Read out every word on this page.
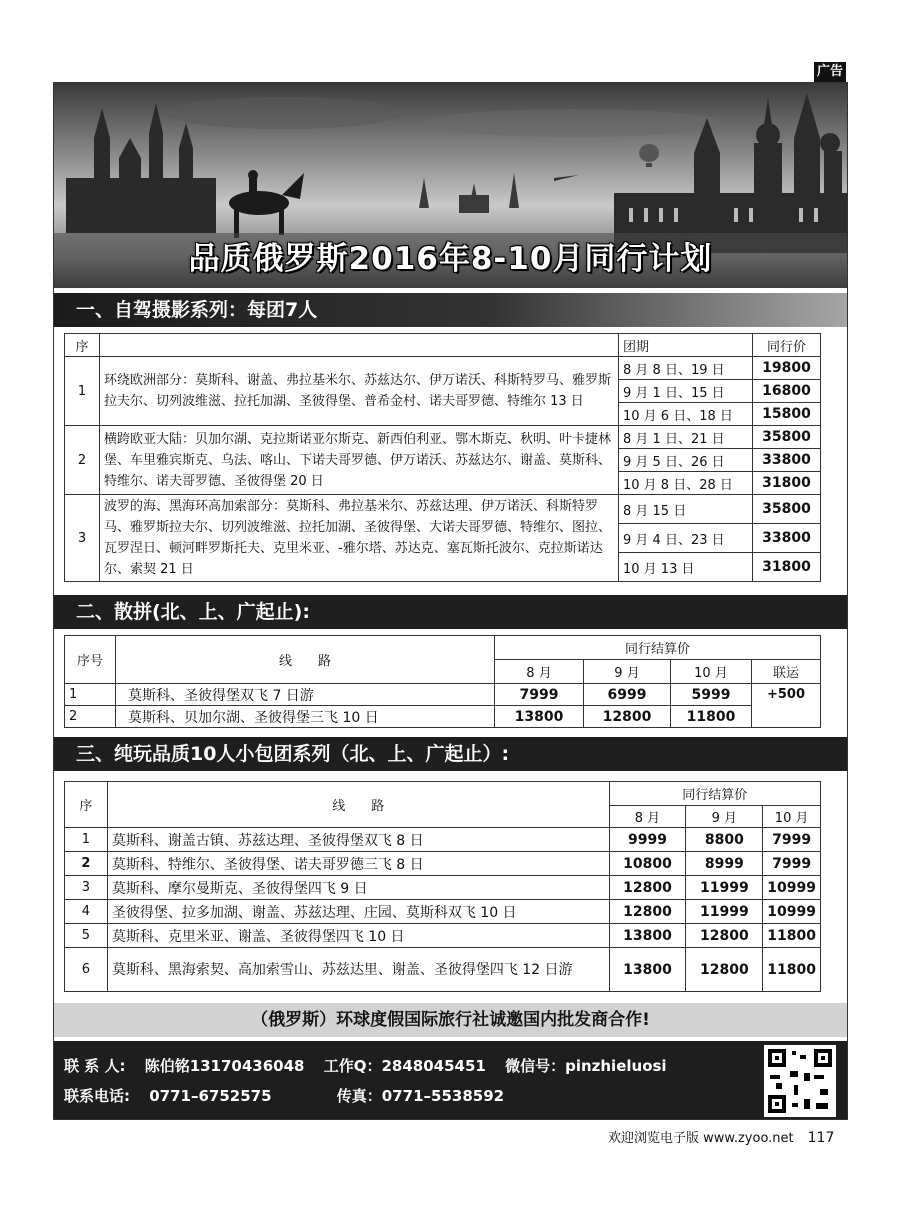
广告
品质俄罗斯2016年8-10月同行计划
一、自驾摄影系列：每团7人
序		团期	同行价
1	环绕欧洲部分：莫斯科、谢盖、弗拉基米尔、苏兹达尔、伊万诺沃、科斯特罗马、雅罗斯拉夫尔、切列波维滋、拉托加湖、圣彼得堡、普希金村、诺夫哥罗德、特维尔 13 日	8 月 8 日、19 日	19800
		9 月 1 日、15 日	16800
		10 月 6 日、18 日	15800
2	横跨欧亚大陆：贝加尔湖、克拉斯诺亚尔斯克、新西伯利亚、鄂木斯克、秋明、叶卡捷林堡、车里雅宾斯克、乌法、喀山、下诺夫哥罗德、伊万诺沃、苏兹达尔、谢盖、莫斯科、特维尔、诺夫哥罗德、圣彼得堡 20 日	8 月 1 日、21 日	35800
		9 月 5 日、26 日	33800
		10 月 8 日、28 日	31800
3	波罗的海、黑海环高加索部分：莫斯科、弗拉基米尔、苏兹达理、伊万诺沃、科斯特罗马、雅罗斯拉夫尔、切列波维滋、拉托加湖、圣彼得堡、大诺夫哥罗德、特维尔、图拉、瓦罗涅日、顿河畔罗斯托夫、克里米亚、-雅尔塔、苏达克、塞瓦斯托波尔、克拉斯诺达尔、索契 21 日	8 月 15 日	35800
		9 月 4 日、23 日	33800
		10 月 13 日	31800
二、散拼(北、上、广起止):
序号	线　　路	同行结算价			
		8 月	9 月	10 月	联运
1	莫斯科、圣彼得堡双飞 7 日游	7999	6999	5999	+500
2	莫斯科、贝加尔湖、圣彼得堡三飞 10 日	13800	12800	11800	
三、纯玩品质10人小包团系列（北、上、广起止）:
序	线　　路	同行结算价		
		8 月	9 月	10 月
1	莫斯科、谢盖古镇、苏兹达理、圣彼得堡双飞 8 日	9999	8800	7999
2	莫斯科、特维尔、圣彼得堡、诺夫哥罗德三飞 8 日	10800	8999	7999
3	莫斯科、摩尔曼斯克、圣彼得堡四飞 9 日	12800	11999	10999
4	圣彼得堡、拉多加湖、谢盖、苏兹达理、庄园、莫斯科双飞 10 日	12800	11999	10999
5	莫斯科、克里米亚、谢盖、圣彼得堡四飞 10 日	13800	12800	11800
6	莫斯科、黑海索契、高加索雪山、苏兹达里、谢盖、圣彼得堡四飞 12 日游	13800	12800	11800
（俄罗斯）环球度假国际旅行社诚邀国内批发商合作!
联 系 人: 陈伯铭13170436048 工作Q：2848045451 微信号：pinzhieluosi
联系电话: 0771–6752575	传真：0771–5538592
欢迎浏览电子版 www.zyoo.net 117
